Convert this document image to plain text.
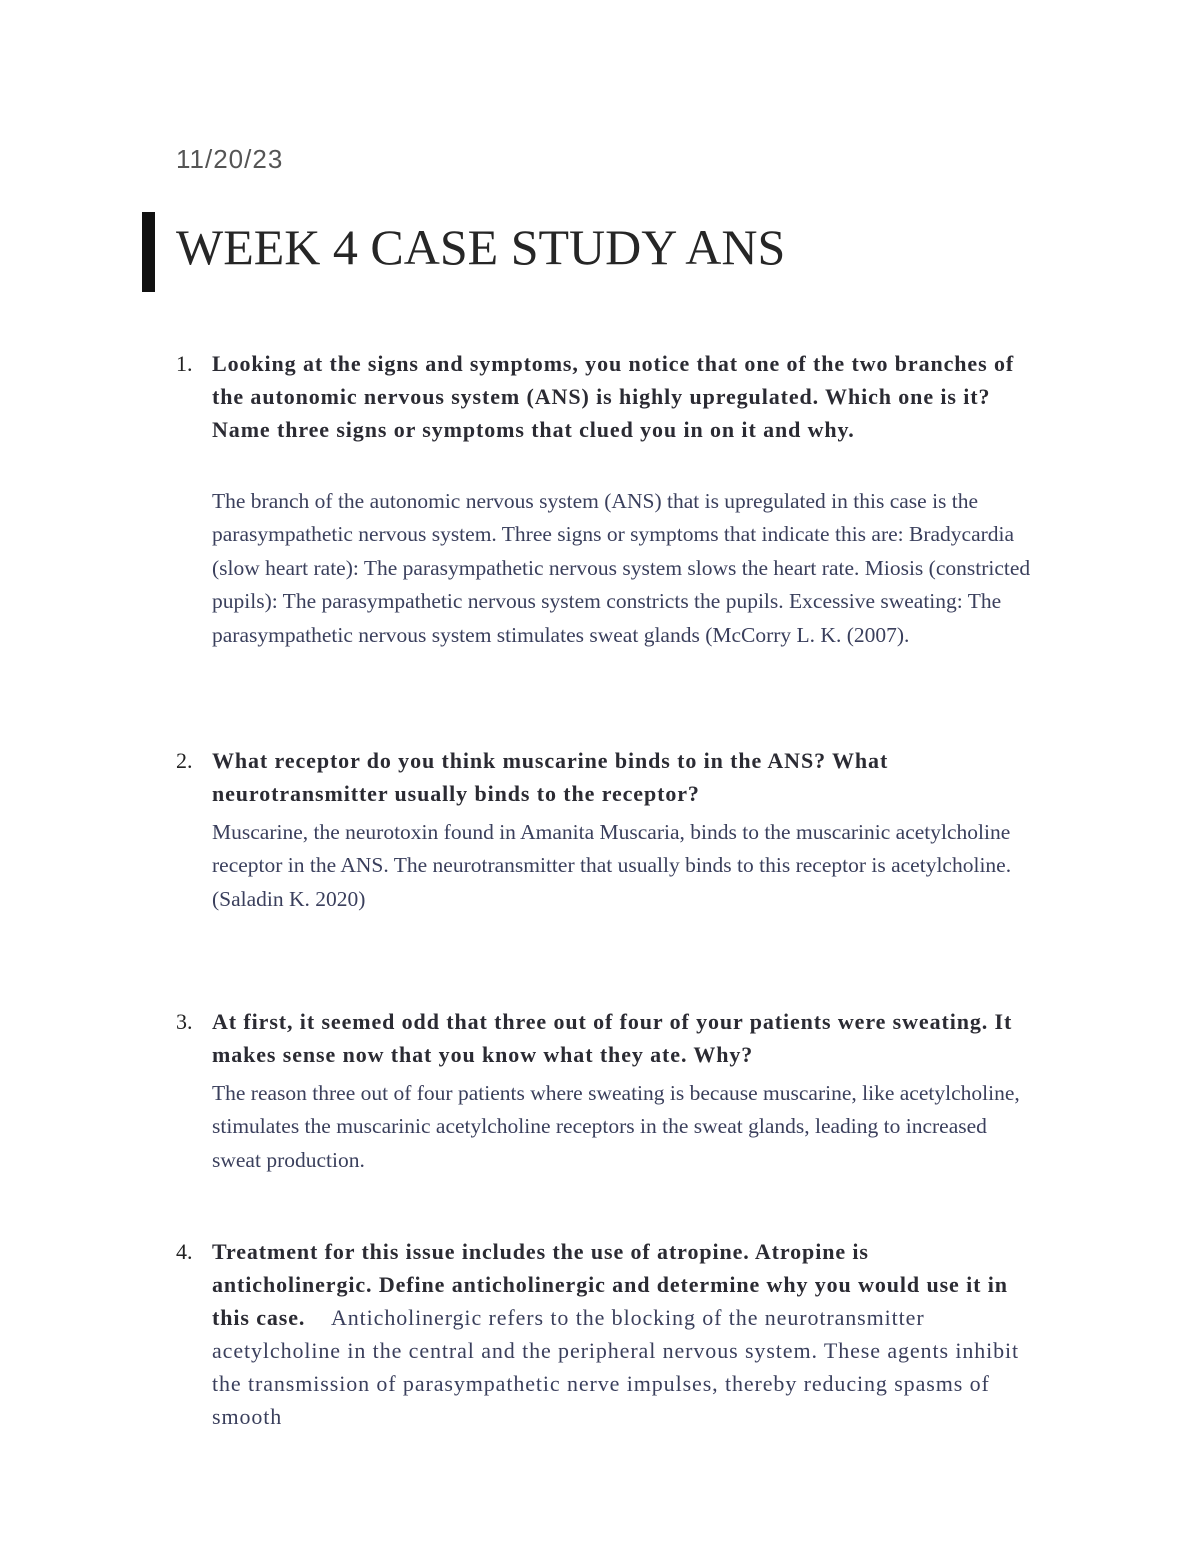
11/20/23
WEEK 4 CASE STUDY ANS
1. Looking at the signs and symptoms, you notice that one of the two branches of the autonomic nervous system (ANS) is highly upregulated. Which one is it? Name three signs or symptoms that clued you in on it and why.
The branch of the autonomic nervous system (ANS) that is upregulated in this case is the parasympathetic nervous system. Three signs or symptoms that indicate this are: Bradycardia (slow heart rate): The parasympathetic nervous system slows the heart rate. Miosis (constricted pupils): The parasympathetic nervous system constricts the pupils. Excessive sweating: The parasympathetic nervous system stimulates sweat glands (McCorry L. K. (2007).
2. What receptor do you think muscarine binds to in the ANS? What neurotransmitter usually binds to the receptor?
Muscarine, the neurotoxin found in Amanita Muscaria, binds to the muscarinic acetylcholine receptor in the ANS. The neurotransmitter that usually binds to this receptor is acetylcholine. (Saladin K. 2020)
3. At first, it seemed odd that three out of four of your patients were sweating. It makes sense now that you know what they ate. Why?
The reason three out of four patients where sweating is because muscarine, like acetylcholine, stimulates the muscarinic acetylcholine receptors in the sweat glands, leading to increased sweat production.
4. Treatment for this issue includes the use of atropine. Atropine is anticholinergic. Define anticholinergic and determine why you would use it in this case. Anticholinergic refers to the blocking of the neurotransmitter acetylcholine in the central and the peripheral nervous system. These agents inhibit the transmission of parasympathetic nerve impulses, thereby reducing spasms of smooth
